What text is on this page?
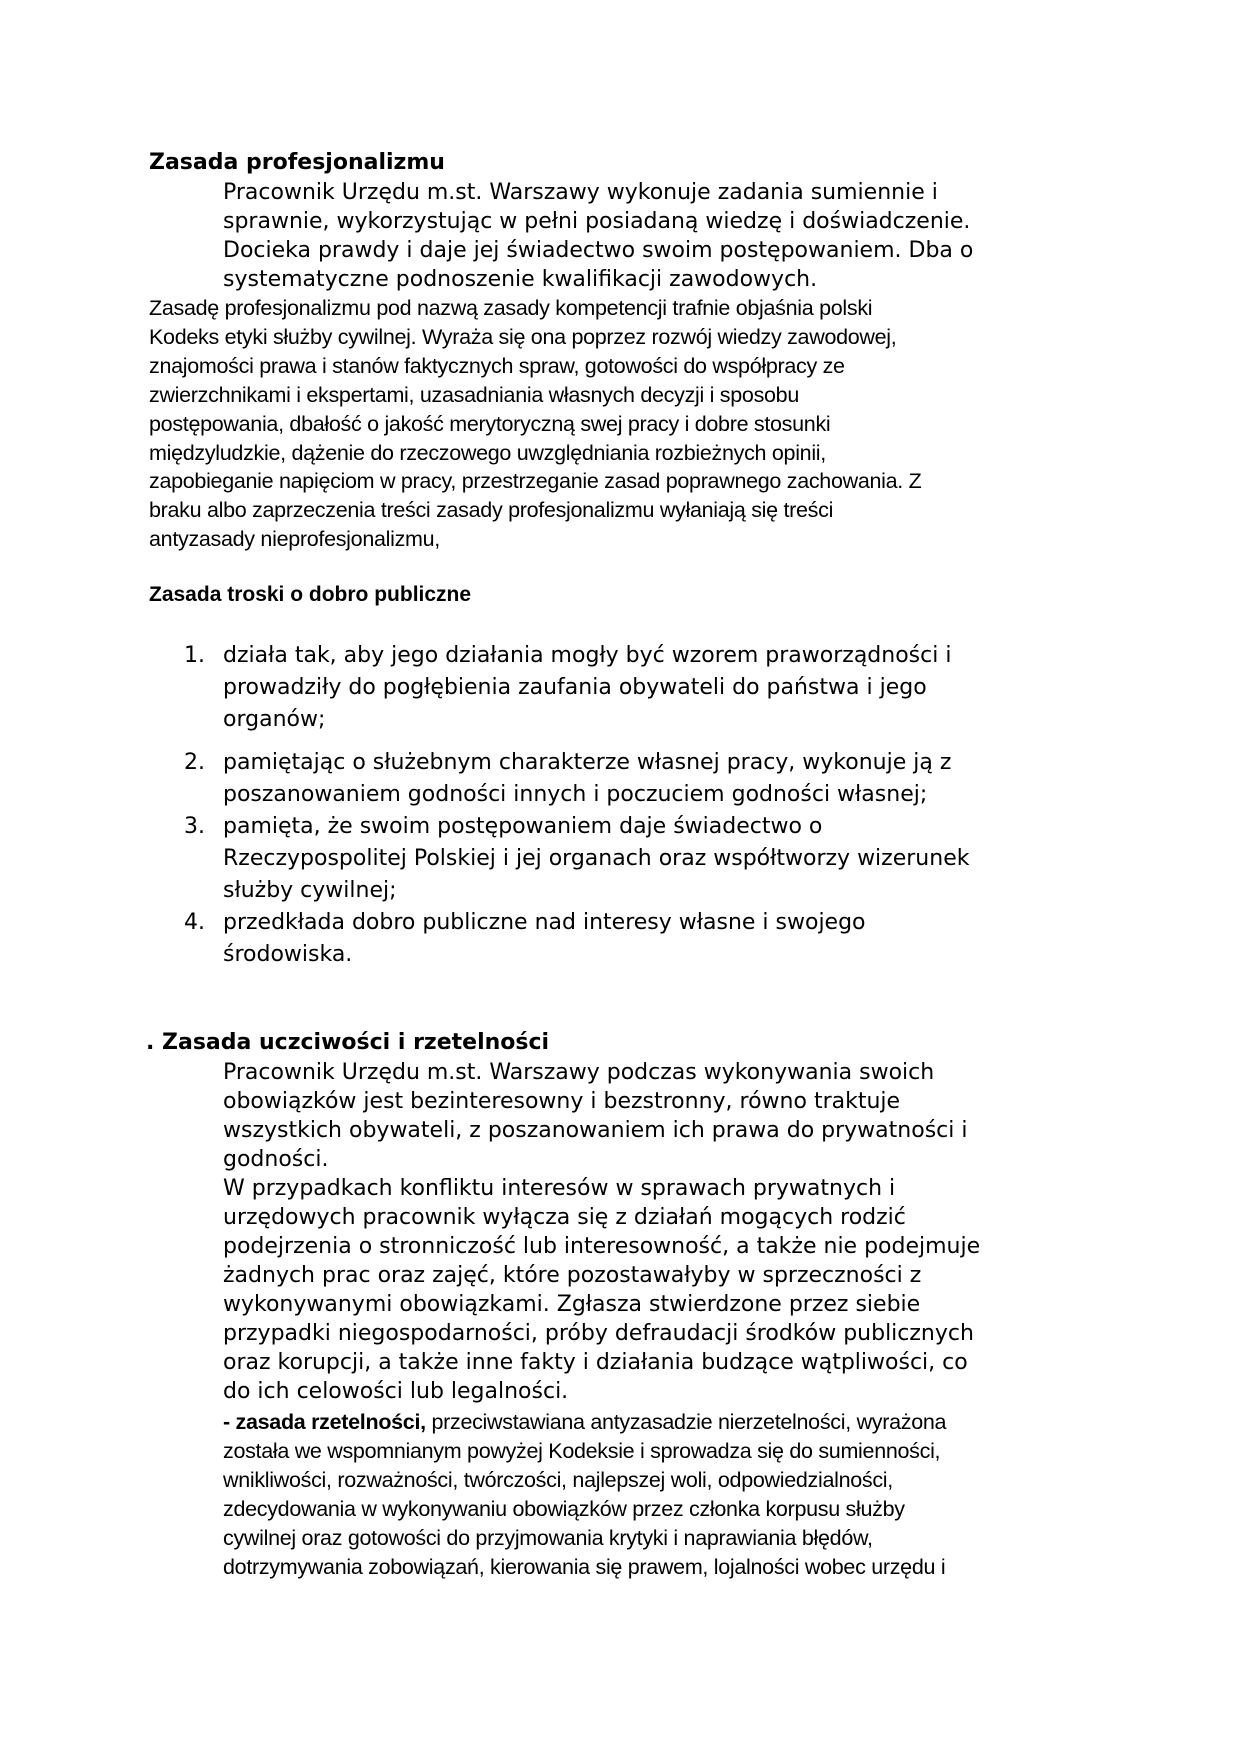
Zasada profesjonalizmu
Pracownik Urzędu m.st. Warszawy wykonuje zadania sumiennie i
sprawnie, wykorzystując w pełni posiadaną wiedzę i doświadczenie.
Docieka prawdy i daje jej świadectwo swoim postępowaniem. Dba o
systematyczne podnoszenie kwalifikacji zawodowych.
Zasadę profesjonalizmu pod nazwą zasady kompetencji trafnie objaśnia polski
Kodeks etyki służby cywilnej. Wyraża się ona poprzez rozwój wiedzy zawodowej,
znajomości prawa i stanów faktycznych spraw, gotowości do współpracy ze
zwierzchnikami i ekspertami, uzasadniania własnych decyzji i sposobu
postępowania, dbałość o jakość merytoryczną swej pracy i dobre stosunki
międzyludzkie, dążenie do rzeczowego uwzględniania rozbieżnych opinii,
zapobieganie napięciom w pracy, przestrzeganie zasad poprawnego zachowania. Z
braku albo zaprzeczenia treści zasady profesjonalizmu wyłaniają się treści
antyzasady nieprofesjonalizmu,
Zasada troski o dobro publiczne
1. działa tak, aby jego działania mogły być wzorem praworządności i
prowadziły do pogłębienia zaufania obywateli do państwa i jego
organów;
2. pamiętając o służebnym charakterze własnej pracy, wykonuje ją z
poszanowaniem godności innych i poczuciem godności własnej;
3. pamięta, że swoim postępowaniem daje świadectwo o
Rzeczypospolitej Polskiej i jej organach oraz współtworzy wizerunek
służby cywilnej;
4. przedkłada dobro publiczne nad interesy własne i swojego
środowiska.
. Zasada uczciwości i rzetelności
Pracownik Urzędu m.st. Warszawy podczas wykonywania swoich
obowiązków jest bezinteresowny i bezstronny, równo traktuje
wszystkich obywateli, z poszanowaniem ich prawa do prywatności i
godności.
W przypadkach konfliktu interesów w sprawach prywatnych i
urzędowych pracownik wyłącza się z działań mogących rodzić
podejrzenia o stronniczość lub interesowność, a także nie podejmuje
żadnych prac oraz zajęć, które pozostawałyby w sprzeczności z
wykonywanymi obowiązkami. Zgłasza stwierdzone przez siebie
przypadki niegospodarności, próby defraudacji środków publicznych
oraz korupcji, a także inne fakty i działania budzące wątpliwości, co
do ich celowości lub legalności.
- zasada rzetelności, przeciwstawiana antyzasadzie nierzetelności, wyrażona
została we wspomnianym powyżej Kodeksie i sprowadza się do sumienności,
wnikliwości, rozważności, twórczości, najlepszej woli, odpowiedzialności,
zdecydowania w wykonywaniu obowiązków przez członka korpusu służby
cywilnej oraz gotowości do przyjmowania krytyki i naprawiania błędów,
dotrzymywania zobowiązań, kierowania się prawem, lojalności wobec urzędu i
